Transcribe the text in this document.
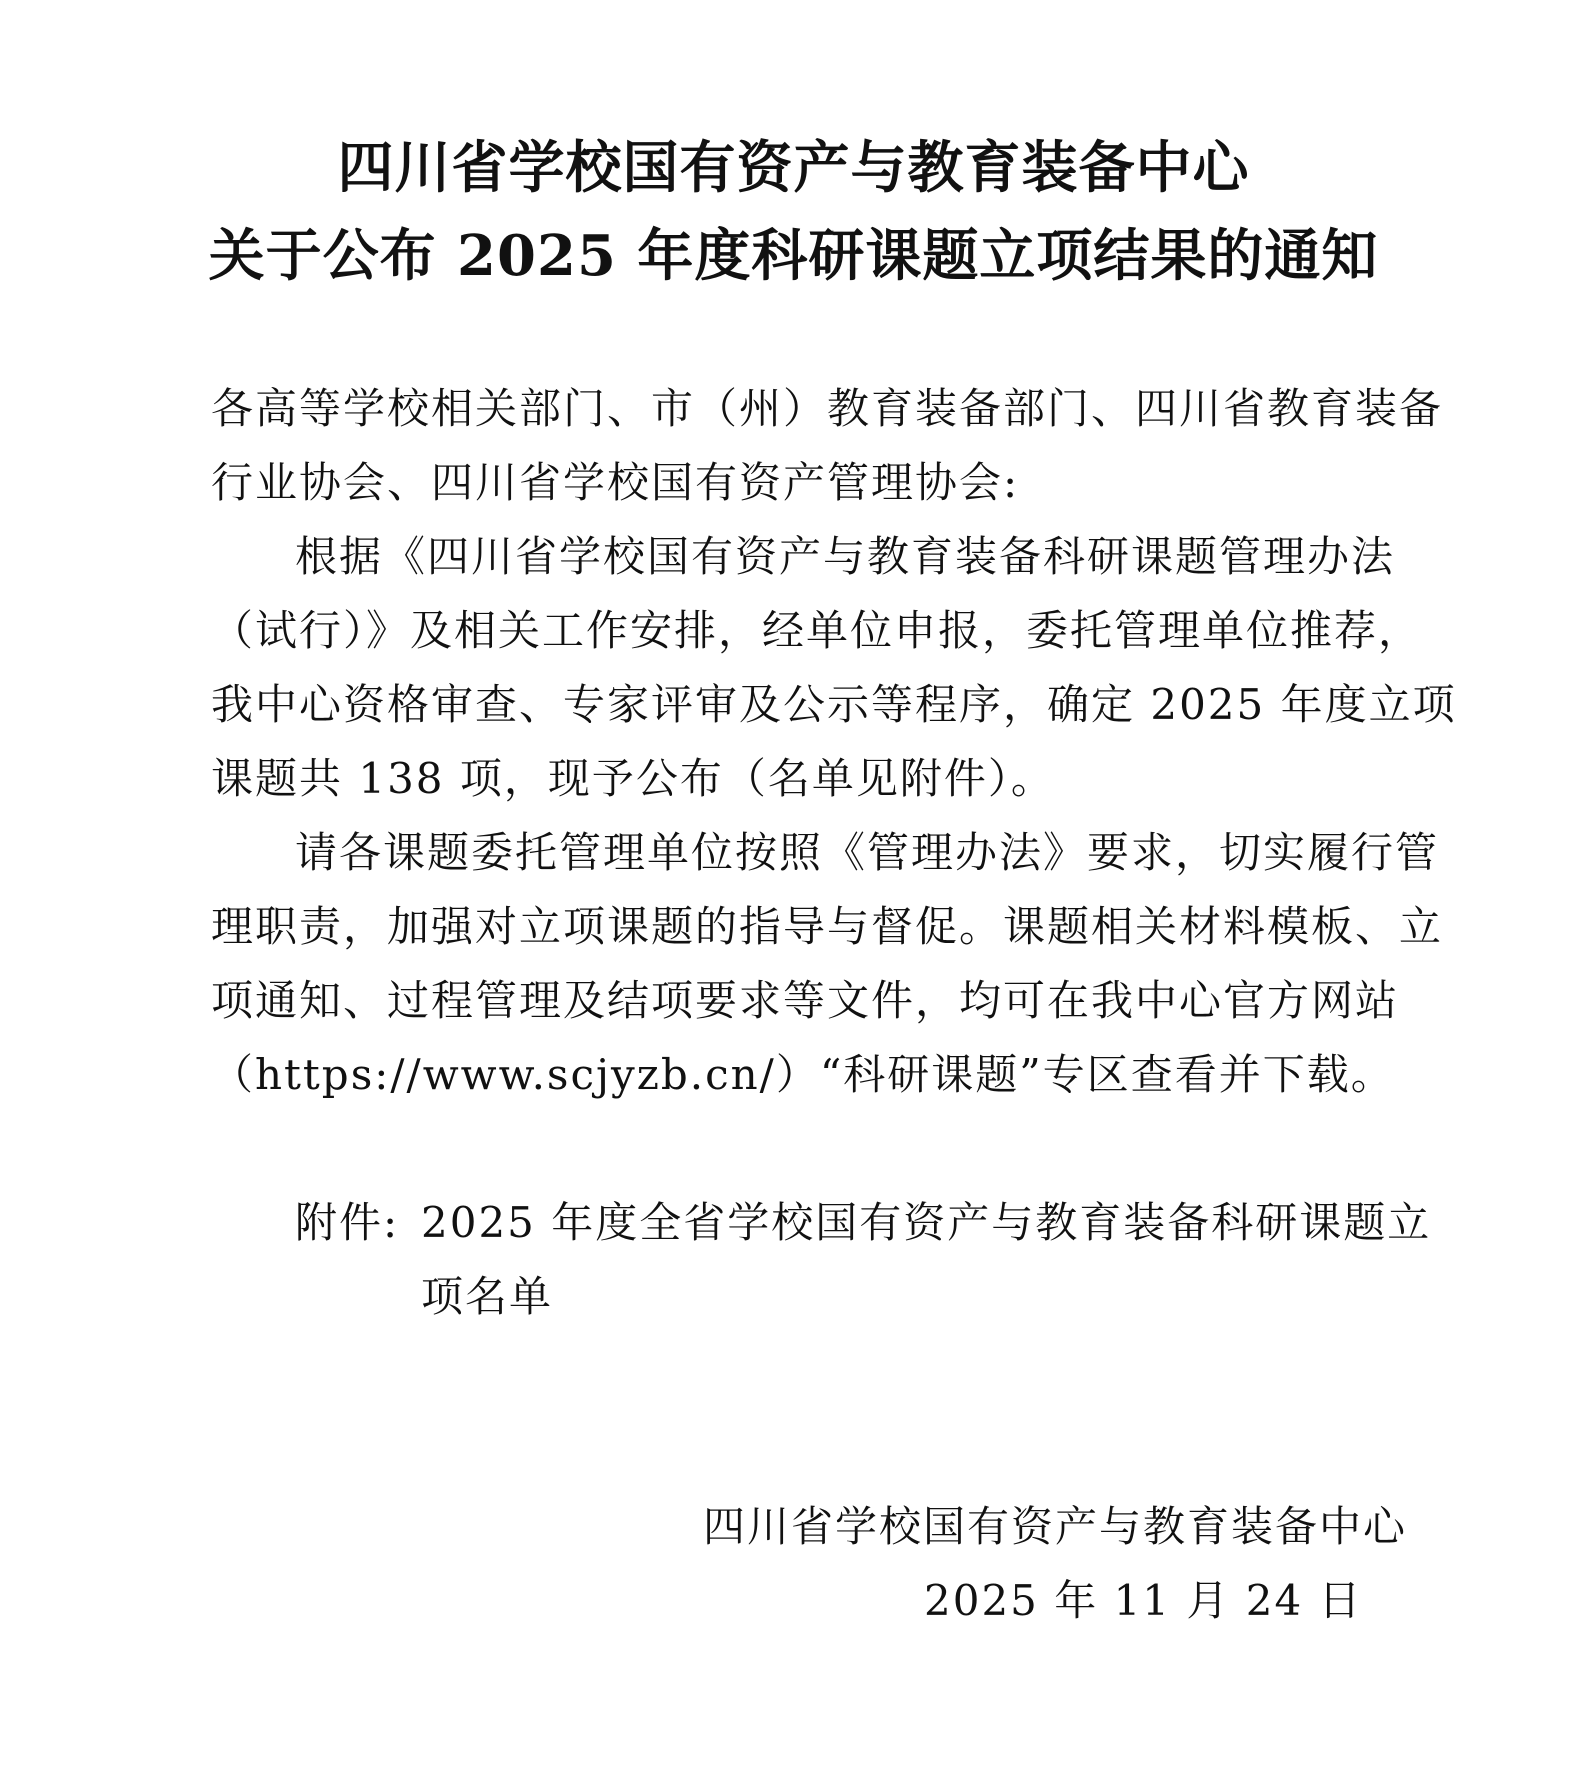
四川省学校国有资产与教育装备中心
关于公布 2025 年度科研课题立项结果的通知
各高等学校相关部门、市（州）教育装备部门、四川省教育装备
行业协会、四川省学校国有资产管理协会:
根据《四川省学校国有资产与教育装备科研课题管理办法
（试行）》及相关工作安排，经单位申报，委托管理单位推荐，
我中心资格审查、专家评审及公示等程序，确定 2025 年度立项
课题共 138 项，现予公布（名单见附件）。
请各课题委托管理单位按照《管理办法》要求，切实履行管
理职责，加强对立项课题的指导与督促。课题相关材料模板、立
项通知、过程管理及结项要求等文件，均可在我中心官方网站
（https://www.scjyzb.cn/）“科研课题”专区查看并下载。
附件: 2025 年度全省学校国有资产与教育装备科研课题立
项名单
四川省学校国有资产与教育装备中心
2025 年 11 月 24 日
